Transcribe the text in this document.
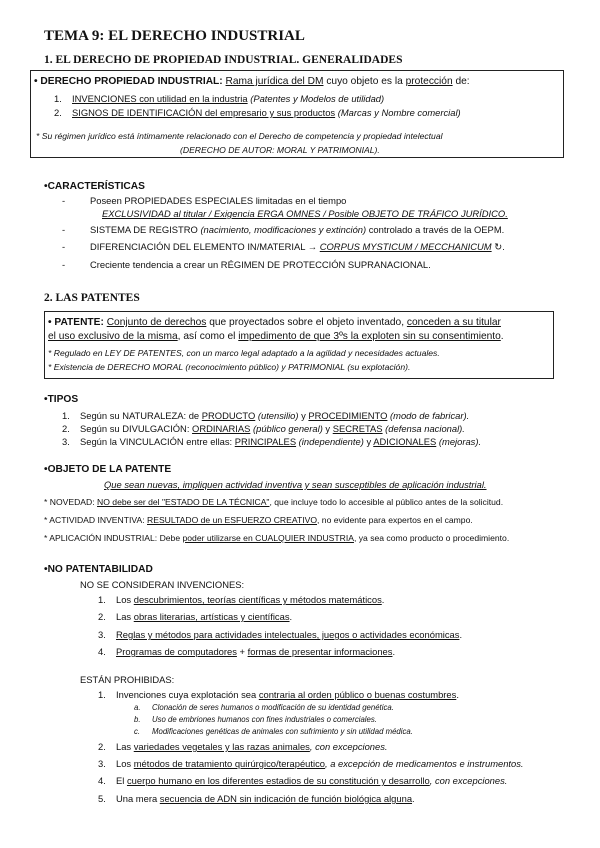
TEMA 9: EL DERECHO INDUSTRIAL
1. EL DERECHO DE PROPIEDAD INDUSTRIAL. GENERALIDADES
• DERECHO PROPIEDAD INDUSTRIAL: Rama jurídica del DM cuyo objeto es la protección de:
1. INVENCIONES con utilidad en la industria (Patentes y Modelos de utilidad)
2. SIGNOS DE IDENTIFICACIÓN del empresario y sus productos (Marcas y Nombre comercial)
* Su régimen jurídico está íntimamente relacionado con el Derecho de competencia y propiedad intelectual
(DERECHO DE AUTOR: MORAL Y PATRIMONIAL).
•CARACTERÍSTICAS
-	Poseen PROPIEDADES ESPECIALES limitadas en el tiempo
EXCLUSIVIDAD al titular / Exigencia ERGA OMNES / Posible OBJETO DE TRÁFICO JURÍDICO.
-	SISTEMA DE REGISTRO (nacimiento, modificaciones y extinción) controlado a través de la OEPM.
-	DIFERENCIACIÓN DEL ELEMENTO IN/MATERIAL → CORPUS MYSTICUM / MECCHANICUM ↻.
-	Creciente tendencia a crear un RÉGIMEN DE PROTECCIÓN SUPRANACIONAL.
2. LAS PATENTES
• PATENTE: Conjunto de derechos que proyectados sobre el objeto inventado, conceden a su titular
el uso exclusivo de la misma, así como el impedimento de que 3ºs la exploten sin su consentimiento.
* Regulado en LEY DE PATENTES, con un marco legal adaptado a la agilidad y necesidades actuales.
* Existencia de DERECHO MORAL (reconocimiento público) y PATRIMONIAL (su explotación).
•TIPOS
1. Según su NATURALEZA: de PRODUCTO (utensilio) y PROCEDIMIENTO (modo de fabricar).
2. Según su DIVULGACIÓN: ORDINARIAS (público general) y SECRETAS (defensa nacional).
3. Según la VINCULACIÓN entre ellas: PRINCIPALES (independiente) y ADICIONALES (mejoras).
•OBJETO DE LA PATENTE
Que sean nuevas, impliquen actividad inventiva y sean susceptibles de aplicación industrial.
* NOVEDAD: NO debe ser del "ESTADO DE LA TÉCNICA", que incluye todo lo accesible al público antes de la solicitud.
* ACTIVIDAD INVENTIVA: RESULTADO de un ESFUERZO CREATIVO, no evidente para expertos en el campo.
* APLICACIÓN INDUSTRIAL: Debe poder utilizarse en CUALQUIER INDUSTRIA, ya sea como producto o procedimiento.
•NO PATENTABILIDAD
NO SE CONSIDERAN INVENCIONES:
1. Los descubrimientos, teorías científicas y métodos matemáticos.
2. Las obras literarias, artísticas y científicas.
3. Reglas y métodos para actividades intelectuales, juegos o actividades económicas.
4. Programas de computadores + formas de presentar informaciones.
ESTÁN PROHIBIDAS:
1. Invenciones cuya explotación sea contraria al orden público o buenas costumbres.
a. Clonación de seres humanos o modificación de su identidad genética.
b. Uso de embriones humanos con fines industriales o comerciales.
c. Modificaciones genéticas de animales con sufrimiento y sin utilidad médica.
2. Las variedades vegetales y las razas animales, con excepciones.
3. Los métodos de tratamiento quirúrgico/terapéutico, a excepción de medicamentos e instrumentos.
4. El cuerpo humano en los diferentes estadios de su constitución y desarrollo, con excepciones.
5. Una mera secuencia de ADN sin indicación de función biológica alguna.
